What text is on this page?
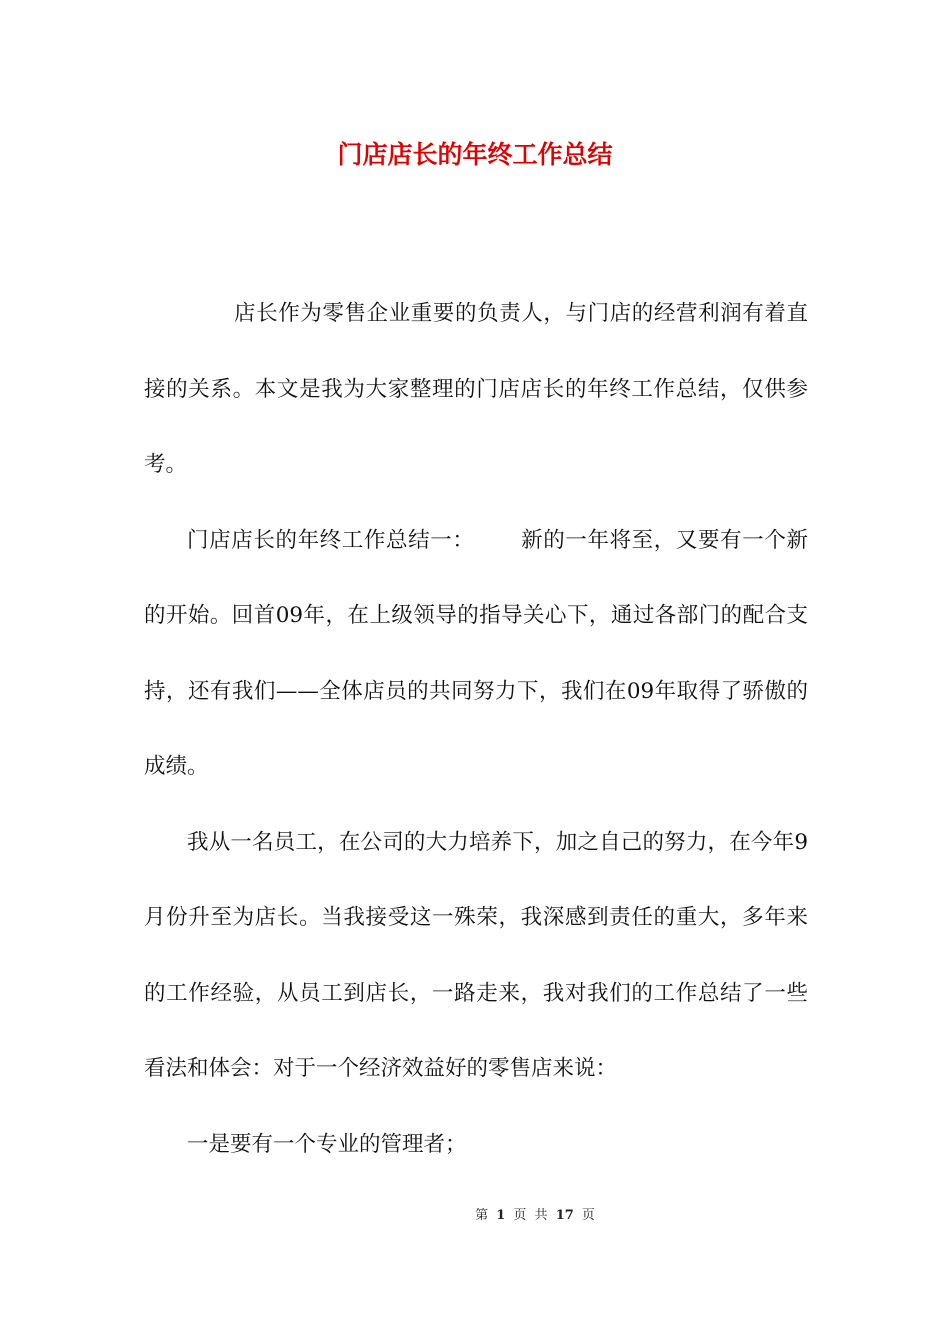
门店店长的年终工作总结

店长作为零售企业重要的负责人，与门店的经营利润有着直接的关系。本文是我为大家整理的门店店长的年终工作总结，仅供参考。

门店店长的年终工作总结一： 新的一年将至，又要有一个新的开始。回首09年，在上级领导的指导关心下，通过各部门的配合支持，还有我们——全体店员的共同努力下，我们在09年取得了骄傲的成绩。

我从一名员工，在公司的大力培养下，加之自己的努力，在今年9月份升至为店长。当我接受这一殊荣，我深感到责任的重大，多年来的工作经验，从员工到店长，一路走来，我对我们的工作总结了一些看法和体会：对于一个经济效益好的零售店来说：

一是要有一个专业的管理者；

第 1 页 共 17 页
